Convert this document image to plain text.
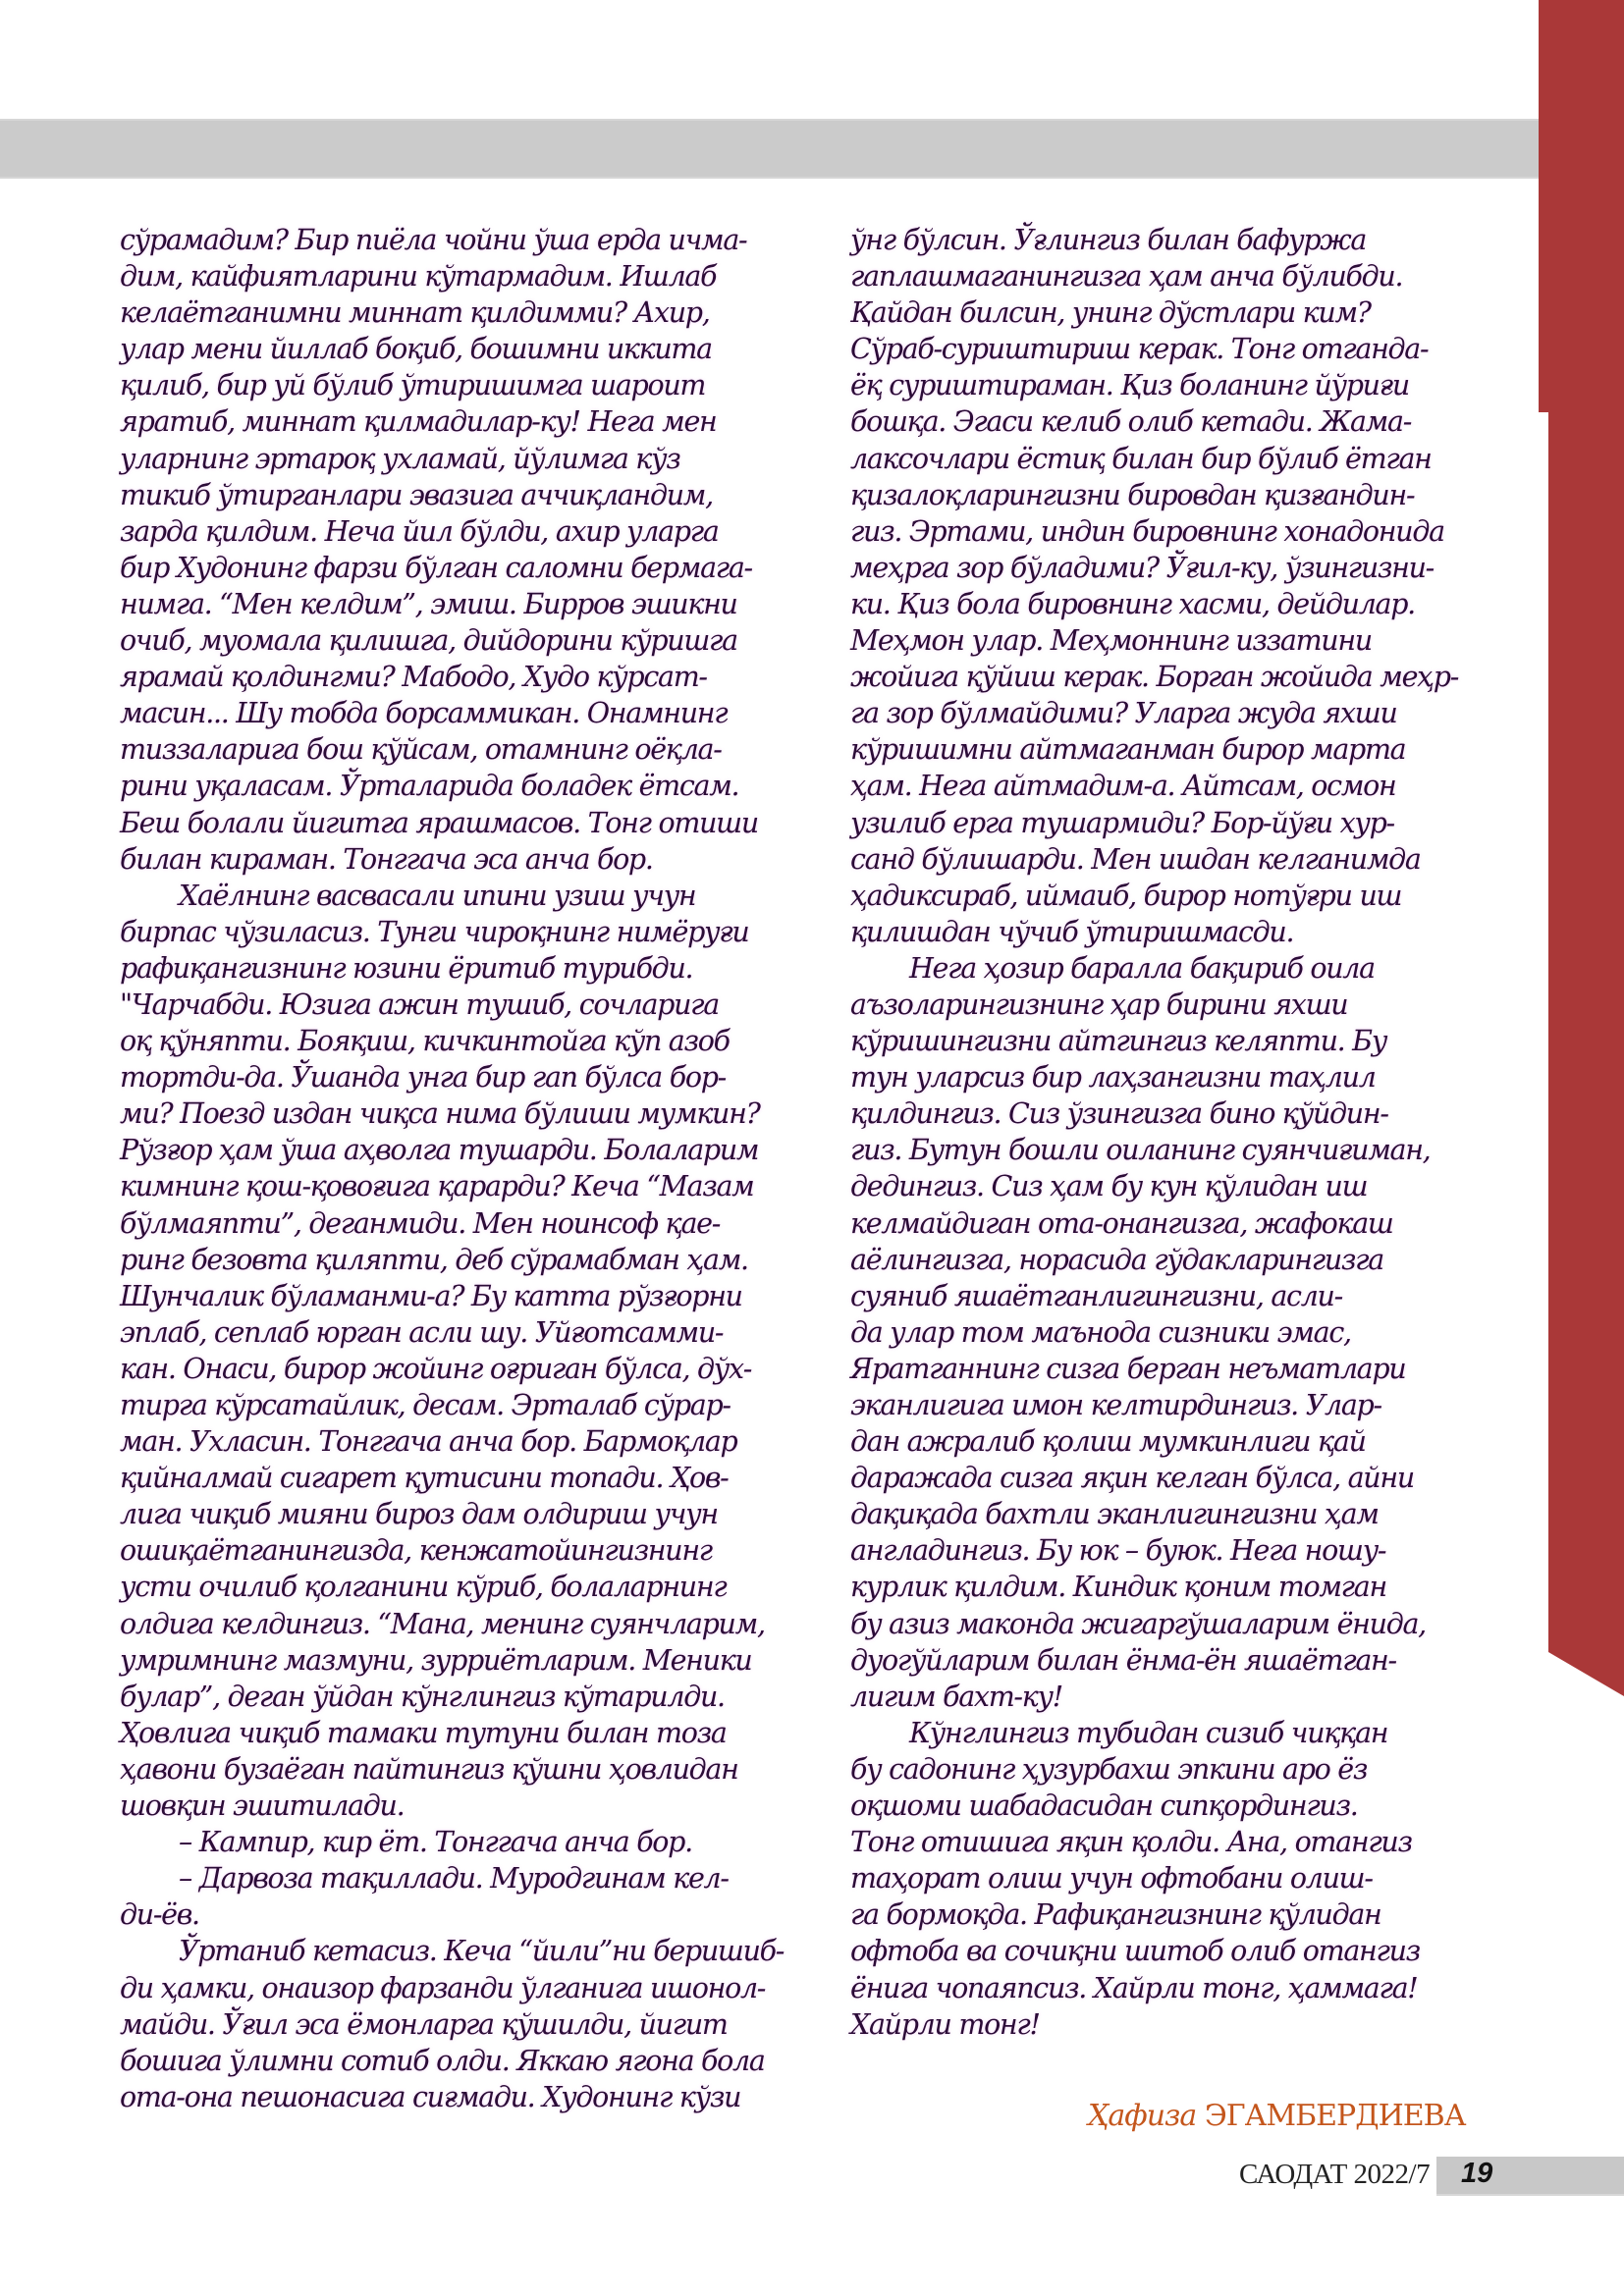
сўрамадим? Бир пиёла чойни ўша ерда ичма-
дим, кайфиятларини кўтармадим. Ишлаб
келаётганимни миннат қилдимми? Ахир,
улар мени йиллаб боқиб, бошимни иккита
қилиб, бир уй бўлиб ўтиришимга шароит
яратиб, миннат қилмадилар-ку! Нега мен
уларнинг эртароқ ухламай, йўлимга кўз
тикиб ўтирганлари эвазига аччиқландим,
зарда қилдим. Неча йил бўлди, ахир уларга
бир Худонинг фарзи бўлган саломни бермага-
нимга. “Мен келдим”, эмиш. Бирров эшикни
очиб, муомала қилишга, дийдорини кўришга
ярамай қолдингми? Мабодо, Худо кўрсат-
масин... Шу тобда борсаммикан. Онамнинг
тиззаларига бош қўйсам, отамнинг оёқла-
рини уқаласам. Ўрталарида боладек ётсам.
Беш болали йигитга ярашмасов. Тонг отиши
билан кираман. Тонггача эса анча бор.
Хаёлнинг васвасали ипини узиш учун
бирпас чўзиласиз. Тунги чироқнинг нимёруғи
рафиқангизнинг юзини ёритиб турибди.
"Чарчабди. Юзига ажин тушиб, сочларига
оқ қўняпти. Бояқиш, кичкинтойга кўп азоб
тортди-да. Ўшанда унга бир гап бўлса бор-
ми? Поезд издан чиқса нима бўлиши мумкин?
Рўзғор ҳам ўша аҳволга тушарди. Болаларим
кимнинг қош-қовоғига қарарди? Кеча “Мазам
бўлмаяпти”, деганмиди. Мен ноинсоф қае-
ринг безовта қиляпти, деб сўрамабман ҳам.
Шунчалик бўламанми-а? Бу катта рўзғорни
эплаб, сеплаб юрган асли шу. Уйғотсамми-
кан. Онаси, бирор жойинг оғриган бўлса, дўх-
тирга кўрсатайлик, десам. Эрталаб сўрар-
ман. Ухласин. Тонггача анча бор. Бармоқлар
қийналмай сигарет қутисини топади. Ҳов-
лига чиқиб мияни бироз дам олдириш учун
ошиқаётганингизда, кенжатойингизнинг
усти очилиб қолганини кўриб, болаларнинг
олдига келдингиз. “Мана, менинг суянчларим,
умримнинг мазмуни, зурриётларим. Меники
булар”, деган ўйдан кўнглингиз кўтарилди.
Ҳовлига чиқиб тамаки тутуни билан тоза
ҳавони бузаёган пайтингиз қўшни ҳовлидан
шовқин эшитилади.
– Кампир, кир ёт. Тонггача анча бор.
– Дарвоза тақиллади. Муродгинам кел-
ди-ёв.
Ўртаниб кетасиз. Кеча “йили”ни беришиб-
ди ҳамки, онаизор фарзанди ўлганига ишонол-
майди. Ўғил эса ёмонларга қўшилди, йигит
бошига ўлимни сотиб олди. Яккаю ягона бола
ота-она пешонасига сиғмади. Худонинг кўзи
ўнг бўлсин. Ўғлингиз билан бафуржа
гаплашмаганингизга ҳам анча бўлибди.
Қайдан билсин, унинг дўстлари ким?
Сўраб-суриштириш керак. Тонг отганда-
ёқ суриштираман. Қиз боланинг йўриғи
бошқа. Эгаси келиб олиб кетади. Жама-
лаксочлари ёстиқ билан бир бўлиб ётган
қизалоқларингизни бировдан қизғандин-
гиз. Эртами, индин бировнинг хонадонида
меҳрга зор бўладими? Ўғил-ку, ўзингизни-
ки. Қиз бола бировнинг хасми, дейдилар.
Меҳмон улар. Меҳмоннинг иззатини
жойига қўйиш керак. Борган жойида меҳр-
га зор бўлмайдими? Уларга жуда яхши
кўришимни айтмаганман бирор марта
ҳам. Нега айтмадим-а. Айтсам, осмон
узилиб ерга тушармиди? Бор-йўғи хур-
санд бўлишарди. Мен ишдан келганимда
ҳадиксираб, иймаиб, бирор нотўғри иш
қилишдан чўчиб ўтиришмасди.
Нега ҳозир баралла бақириб оила
аъзоларингизнинг ҳар бирини яхши
кўришингизни айтгингиз келяпти. Бу
тун уларсиз бир лаҳзангизни таҳлил
қилдингиз. Сиз ўзингизга бино қўйдин-
гиз. Бутун бошли оиланинг суянчиғиман,
дедингиз. Сиз ҳам бу кун қўлидан иш
келмайдиган ота-онангизга, жафокаш
аёлингизга, норасида гўдакларингизга
суяниб яшаётганлигингизни, асли-
да улар том маънода сизники эмас,
Яратганнинг сизга берган неъматлари
эканлигига имон келтирдингиз. Улар-
дан ажралиб қолиш мумкинлиги қай
даражада сизга яқин келган бўлса, айни
дақиқада бахтли эканлигингизни ҳам
англадингиз. Бу юк – буюк. Нега ношу-
курлик қилдим. Киндик қоним томган
бу азиз маконда жигаргўшаларим ёнида,
дуогўйларим билан ёнма-ён яшаётган-
лигим бахт-ку!
Кўнглингиз тубидан сизиб чиққан
бу садонинг ҳузурбахш эпкини аро ёз
оқшоми шабадасидан сипқордингиз.
Тонг отишига яқин қолди. Ана, отангиз
таҳорат олиш учун офтобани олиш-
га бормоқда. Рафиқангизнинг қўлидан
офтоба ва сочиқни шитоб олиб отангиз
ёнига чопаяпсиз. Хайрли тонг, ҳаммага!
Хайрли тонг!
Ҳафиза ЭГАМБЕРДИЕВА
САОДАТ 2022/7 19
